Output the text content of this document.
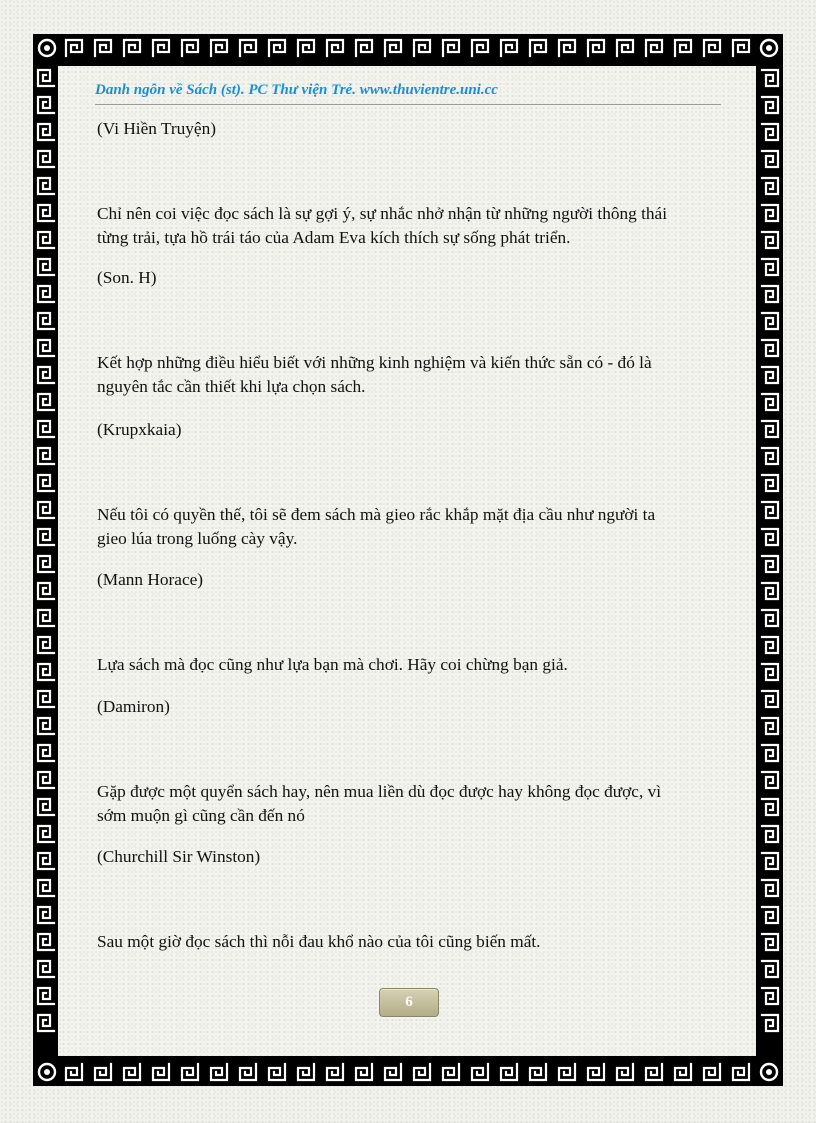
Danh ngôn về Sách (st). PC Thư viện Trẻ. www.thuvientre.uni.cc
(Vi Hiền Truyện)
Chỉ nên coi việc đọc sách là sự gợi ý, sự nhắc nhở nhận từ những người thông thái
từng trải, tựa hồ trái táo của Adam Eva kích thích sự sống phát triển.
(Son. H)
Kết hợp những điều hiểu biết với những kinh nghiệm và kiến thức sẵn có - đó là
nguyên tắc cần thiết khi lựa chọn sách.
(Krupxkaia)
Nếu tôi có quyền thế, tôi sẽ đem sách mà gieo rắc khắp mặt địa cầu như người ta
gieo lúa trong luống cày vậy.
(Mann Horace)
Lựa sách mà đọc cũng như lựa bạn mà chơi. Hãy coi chừng bạn giả.
(Damiron)
Gặp được một quyển sách hay, nên mua liền dù đọc được hay không đọc được, vì
sớm muộn gì cũng cần đến nó
(Churchill Sir Winston)
Sau một giờ đọc sách thì nỗi đau khổ nào của tôi cũng biến mất.
6
